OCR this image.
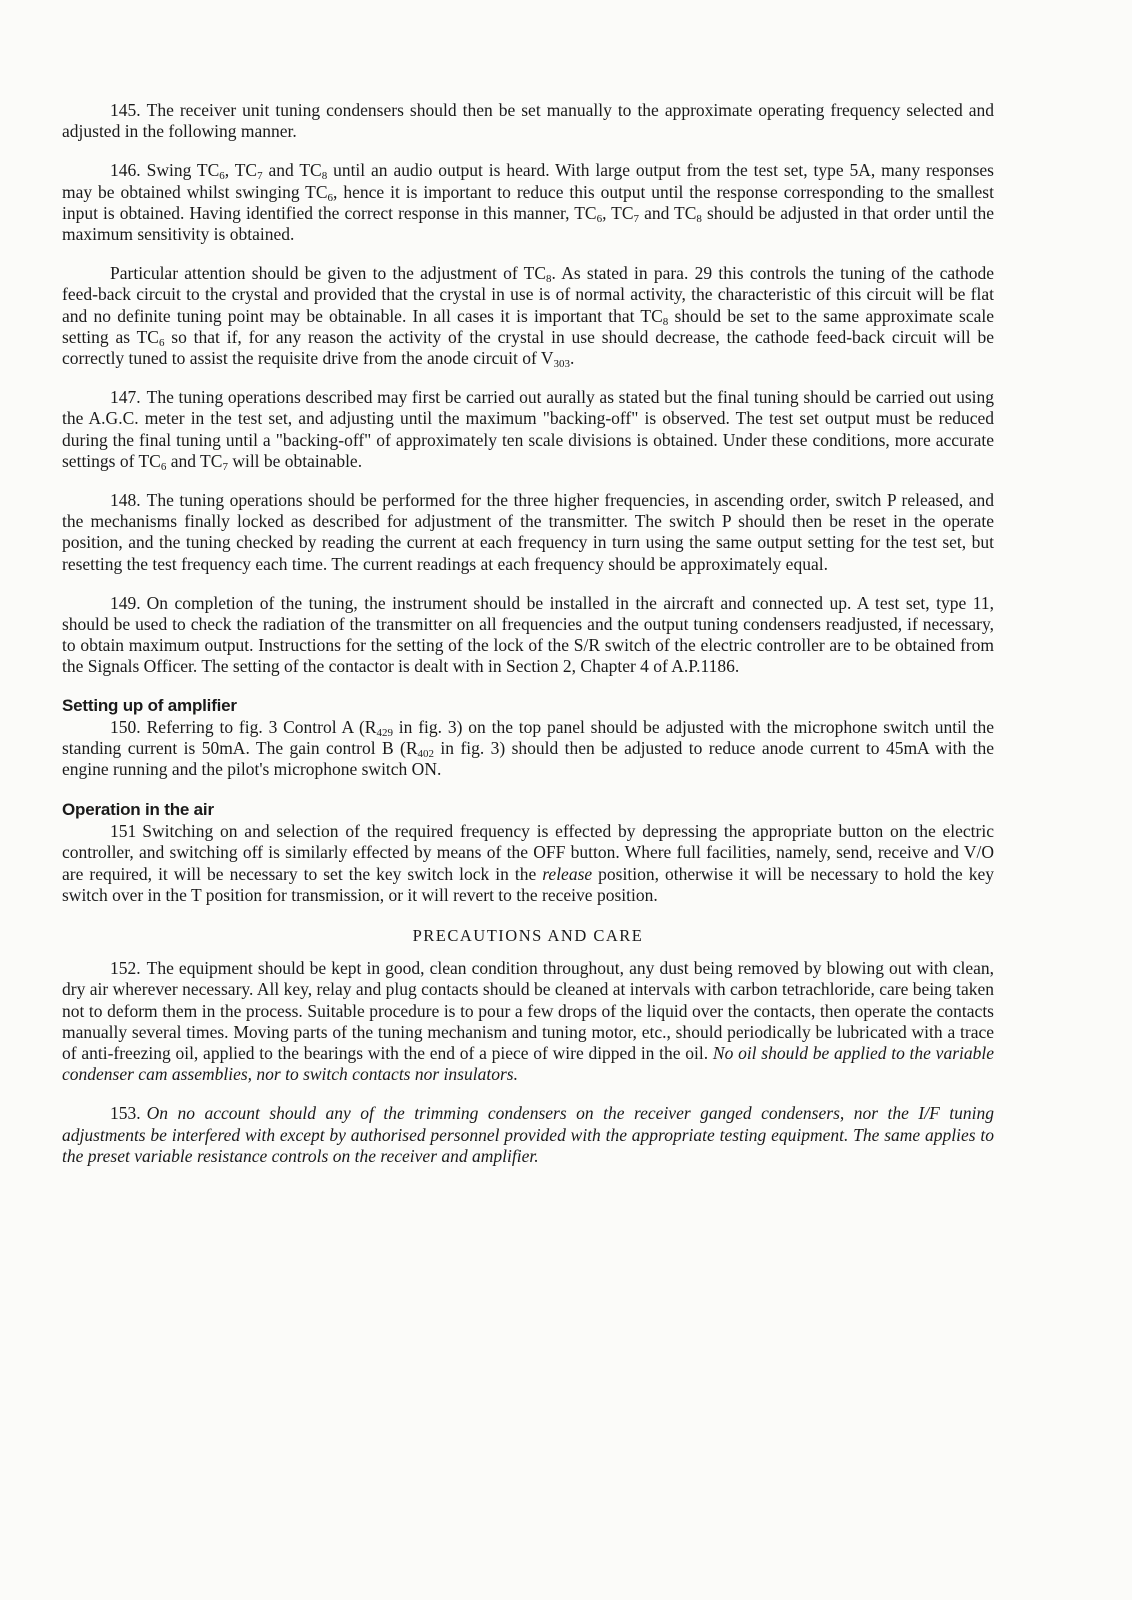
145. The receiver unit tuning condensers should then be set manually to the approximate operating frequency selected and adjusted in the following manner.

146. Swing $TC_6$, $TC_7$ and $TC_8$ until an audio output is heard. With large output from the test set, type 5A, many responses may be obtained whilst swinging $TC_6$, hence it is important to reduce this output until the response corresponding to the smallest input is obtained. Having identified the correct response in this manner, $TC_6$, $TC_7$ and $TC_8$ should be adjusted in that order until the maximum sensitivity is obtained.

Particular attention should be given to the adjustment of $TC_8$. As stated in para. 29 this controls the tuning of the cathode feed-back circuit to the crystal and provided that the crystal in use is of normal activity, the characteristic of this circuit will be flat and no definite tuning point may be obtainable. In all cases it is important that $TC_8$ should be set to the same approximate scale setting as $TC_6$ so that if, for any reason the activity of the crystal in use should decrease, the cathode feed-back circuit will be correctly tuned to assist the requisite drive from the anode circuit of $V_{303}$.

147. The tuning operations described may first be carried out aurally as stated but the final tuning should be carried out using the A.G.C. meter in the test set, and adjusting until the maximum "backing-off" is observed. The test set output must be reduced during the final tuning until a "backing-off" of approximately ten scale divisions is obtained. Under these conditions, more accurate settings of $TC_6$ and $TC_7$ will be obtainable.

148. The tuning operations should be performed for the three higher frequencies, in ascending order, switch P released, and the mechanisms finally locked as described for adjustment of the transmitter. The switch P should then be reset in the operate position, and the tuning checked by reading the current at each frequency in turn using the same output setting for the test set, but resetting the test frequency each time. The current readings at each frequency should be approximately equal.

149. On completion of the tuning, the instrument should be installed in the aircraft and connected up. A test set, type 11, should be used to check the radiation of the transmitter on all frequencies and the output tuning condensers readjusted, if necessary, to obtain maximum output. Instructions for the setting of the lock of the S/R switch of the electric controller are to be obtained from the Signals Officer. The setting of the contactor is dealt with in Section 2, Chapter 4 of A.P.1186.

Setting up of amplifier

150. Referring to fig. 3 Control A ($R_{429}$ in fig. 3) on the top panel should be adjusted with the microphone switch until the standing current is 50mA. The gain control B ($R_{402}$ in fig. 3) should then be adjusted to reduce anode current to 45mA with the engine running and the pilot's microphone switch ON.

Operation in the air

151 Switching on and selection of the required frequency is effected by depressing the appropriate button on the electric controller, and switching off is similarly effected by means of the OFF button. Where full facilities, namely, send, receive and V/O are required, it will be necessary to set the key switch lock in the release position, otherwise it will be necessary to hold the key switch over in the T position for transmission, or it will revert to the receive position.

PRECAUTIONS AND CARE

152. The equipment should be kept in good, clean condition throughout, any dust being removed by blowing out with clean, dry air wherever necessary. All key, relay and plug contacts should be cleaned at intervals with carbon tetrachloride, care being taken not to deform them in the process. Suitable procedure is to pour a few drops of the liquid over the contacts, then operate the contacts manually several times. Moving parts of the tuning mechanism and tuning motor, etc., should periodically be lubricated with a trace of anti-freezing oil, applied to the bearings with the end of a piece of wire dipped in the oil. No oil should be applied to the variable condenser cam assemblies, nor to switch contacts nor insulators.

153. On no account should any of the trimming condensers on the receiver ganged condensers, nor the I/F tuning adjustments be interfered with except by authorised personnel provided with the appropriate testing equipment. The same applies to the preset variable resistance controls on the receiver and amplifier.
